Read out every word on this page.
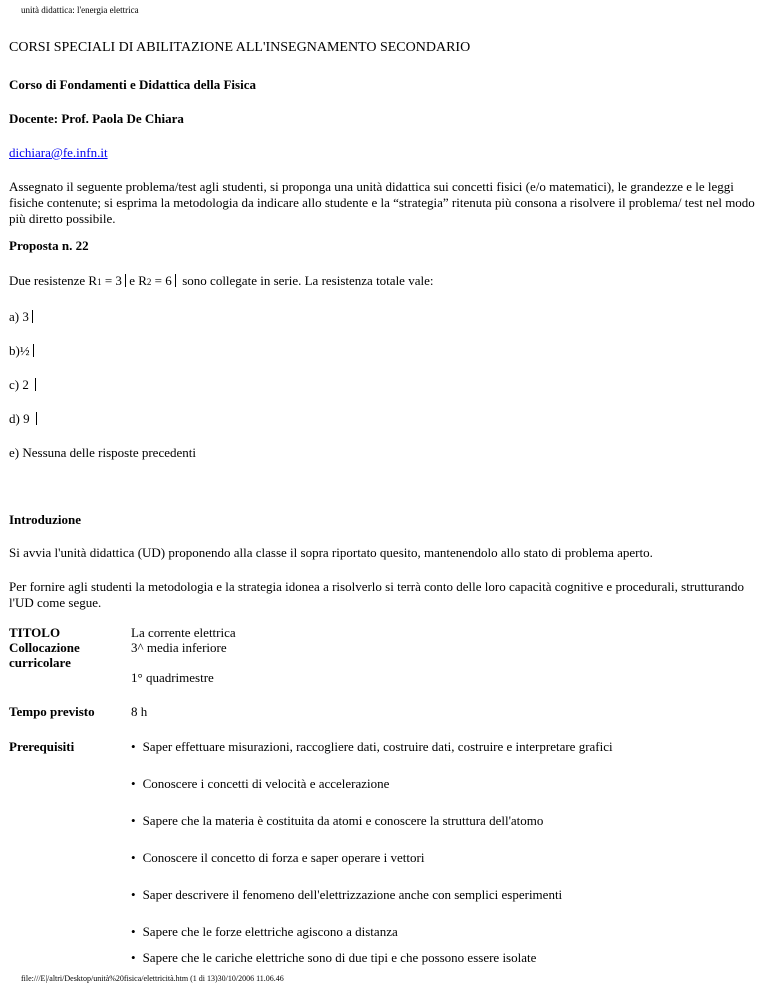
unità didattica: l'energia elettrica

CORSI SPECIALI DI ABILITAZIONE ALL'INSEGNAMENTO SECONDARIO

Corso di Fondamenti e Didattica della Fisica

Docente: Prof. Paola De Chiara

dichiara@fe.infn.it

Assegnato il seguente problema/test agli studenti, si proponga una unità didattica sui concetti fisici (e/o matematici), le grandezze e le leggi fisiche contenute; si esprima la metodologia da indicare allo studente e la “strategia” ritenuta più consona a risolvere il problema/ test nel modo più diretto possibile.

Proposta n. 22

Due resistenze R1 = 3 e R2 = 6 sono collegate in serie. La resistenza totale vale:

a) 3

b)½

c) 2

d) 9

e) Nessuna delle risposte precedenti

Introduzione

Si avvia l'unità didattica (UD) proponendo alla classe il sopra riportato quesito, mantenendolo allo stato di problema aperto.

Per fornire agli studenti la metodologia e la strategia idonea a risolverlo si terrà conto delle loro capacità cognitive e procedurali, strutturando l'UD come segue.

TITOLO
Collocazione
curricolare
La corrente elettrica
3^ media inferiore
1° quadrimestre
Tempo previsto	8 h
Prerequisiti
•	Saper effettuare misurazioni, raccogliere dati, costruire dati, costruire e interpretare grafici
• Conoscere i concetti di velocità e accelerazione
• Sapere che la materia è costituita da atomi e conoscere la struttura dell'atomo
• Conoscere il concetto di forza e saper operare i vettori
• Saper descrivere il fenomeno dell'elettrizzazione anche con semplici esperimenti
• Sapere che le forze elettriche agiscono a distanza
• Sapere che le cariche elettriche sono di due tipi e che possono essere isolate
file:///E|/altri/Desktop/unità%20fisica/elettricità.htm (1 di 13)30/10/2006 11.06.46
